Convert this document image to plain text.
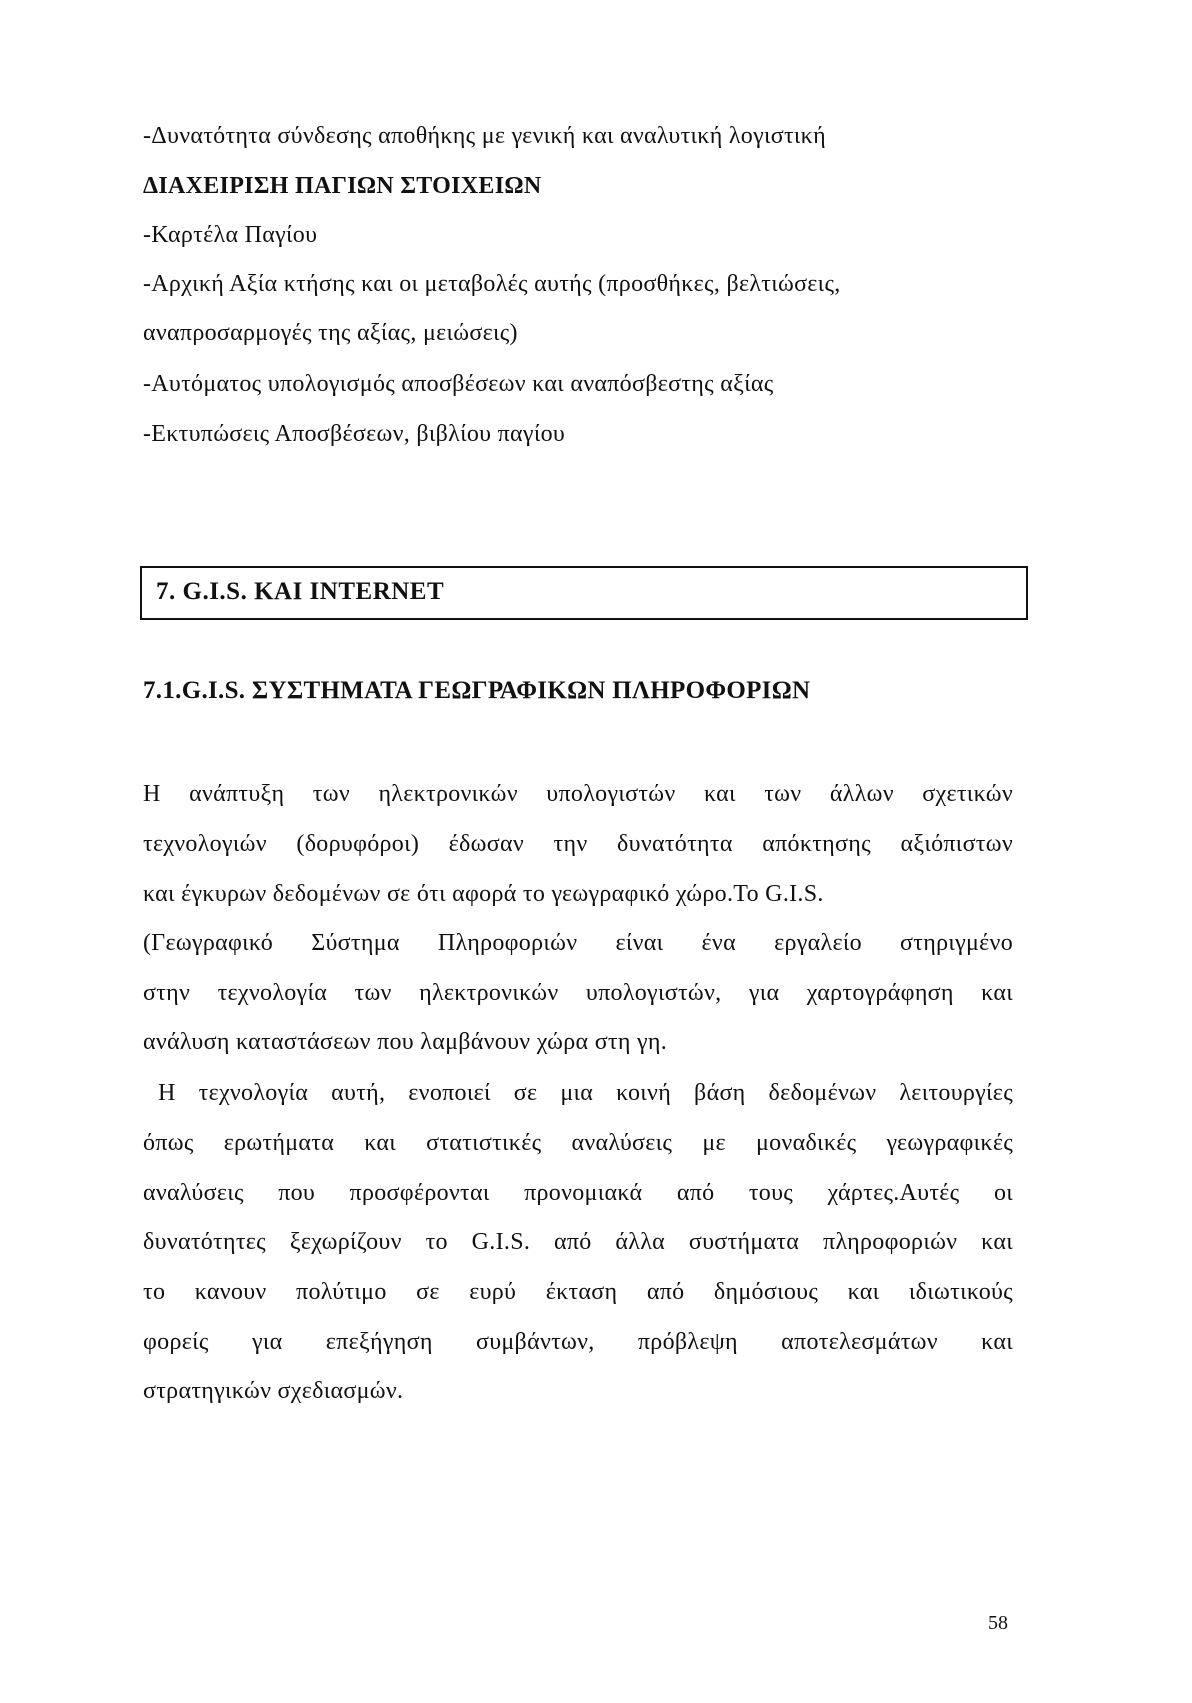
-Δυνατότητα σύνδεσης αποθήκης με γενική και αναλυτική λογιστική
ΔΙΑΧΕΙΡΙΣΗ ΠΑΓΙΩΝ ΣΤΟΙΧΕΙΩΝ
-Καρτέλα Παγίου
-Αρχική Αξία κτήσης και οι μεταβολές αυτής (προσθήκες, βελτιώσεις,
αναπροσαρμογές της αξίας, μειώσεις)
-Αυτόματος υπολογισμός αποσβέσεων και αναπόσβεστης αξίας
-Εκτυπώσεις Αποσβέσεων, βιβλίου παγίου
7. G.I.S. ΚΑΙ INTERNET
7.1.G.I.S. ΣΥΣΤΗΜΑΤΑ ΓΕΩΓΡΑΦΙΚΩΝ ΠΛΗΡΟΦΟΡΙΩΝ
Η ανάπτυξη των ηλεκτρονικών υπολογιστών και των άλλων σχετικών
τεχνολογιών (δορυφόροι) έδωσαν την δυνατότητα απόκτησης αξιόπιστων
και έγκυρων δεδομένων σε ότι αφορά το γεωγραφικό χώρο.Το G.I.S.
(Γεωγραφικό Σύστημα Πληροφοριών είναι ένα εργαλείο στηριγμένο
στην τεχνολογία των ηλεκτρονικών υπολογιστών, για χαρτογράφηση και
ανάλυση καταστάσεων που λαμβάνουν χώρα στη γη.
Η τεχνολογία αυτή, ενοποιεί σε μια κοινή βάση δεδομένων λειτουργίες
όπως ερωτήματα και στατιστικές αναλύσεις με μοναδικές γεωγραφικές
αναλύσεις που προσφέρονται προνομιακά από τους χάρτες.Αυτές οι
δυνατότητες ξεχωρίζουν το G.I.S. από άλλα συστήματα πληροφοριών και
το κανουν πολύτιμο σε ευρύ έκταση από δημόσιους και ιδιωτικούς
φορείς για επεξήγηση συμβάντων, πρόβλεψη αποτελεσμάτων και
στρατηγικών σχεδιασμών.
58
